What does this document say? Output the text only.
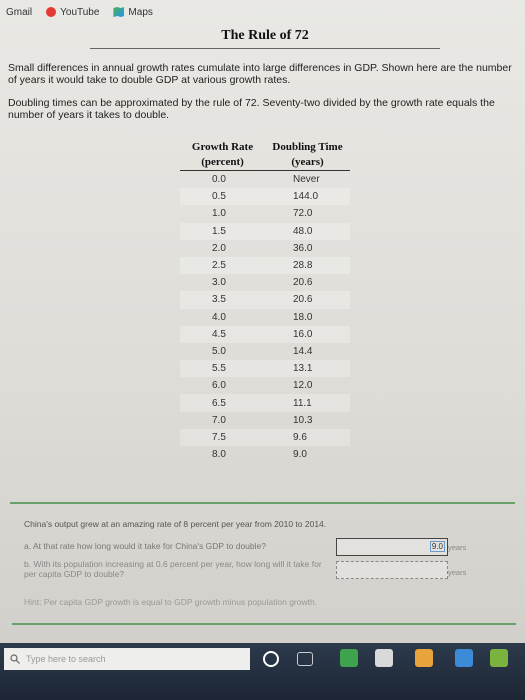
Gmail	YouTube	Maps
The Rule of 72
Small differences in annual growth rates cumulate into large differences in GDP. Shown here are the number of years it would take to double GDP at various growth rates.
Doubling times can be approximated by the rule of 72. Seventy-two divided by the growth rate equals the number of years it takes to double.
Growth Rate	Doubling Time
(percent)	(years)
0.0	Never
0.5	144.0
1.0	72.0
1.5	48.0
2.0	36.0
2.5	28.8
3.0	20.6
3.5	20.6
4.0	18.0
4.5	16.0
5.0	14.4
5.5	13.1
6.0	12.0
6.5	11.1
7.0	10.3
7.5	9.6
8.0	9.0
China's output grew at an amazing rate of 8 percent per year from 2010 to 2014.
a. At that rate how long would it take for China's GDP to double?	9.0 years
b. With its population increasing at 0.6 percent per year, how long will it take for per capita GDP to double?	years
Hint: Per capita GDP growth is equal to GDP growth minus population growth.
Type here to search
